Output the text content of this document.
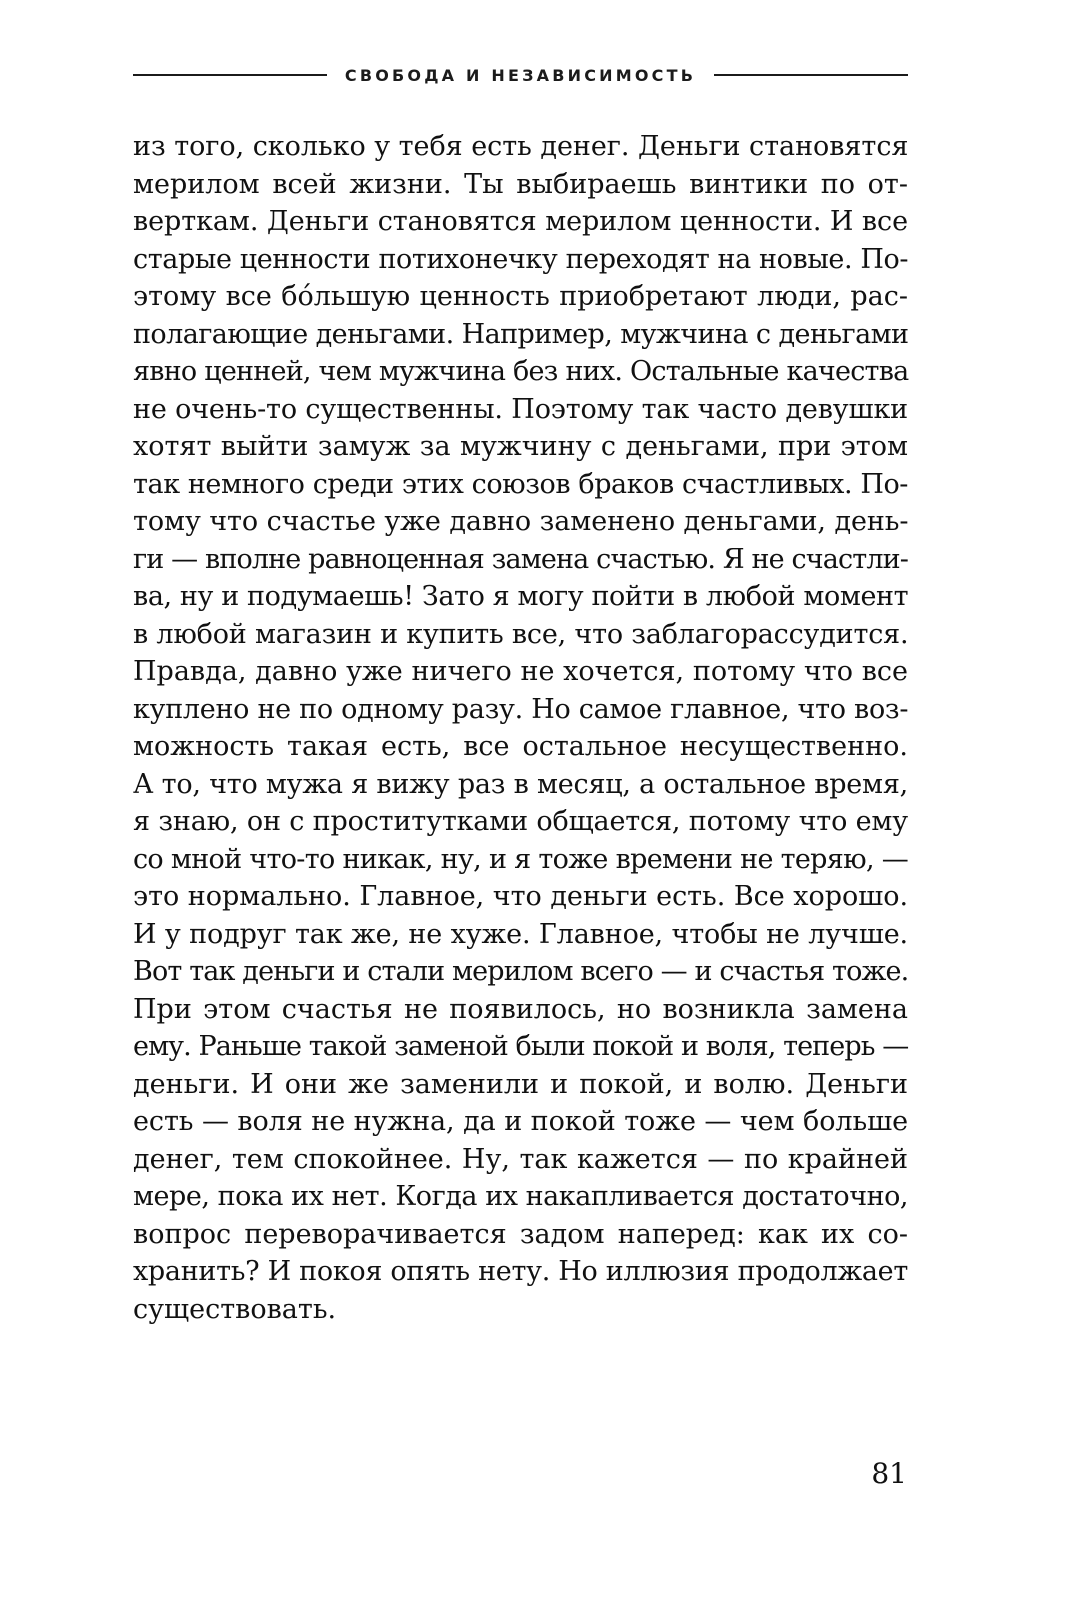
СВОБОДА И НЕЗАВИСИМОСТЬ
из того, сколько у тебя есть денег. Деньги становятся
мерилом всей жизни. Ты выбираешь винтики по от-
верткам. Деньги становятся мерилом ценности. И все
старые ценности потихонечку переходят на новые. По-
этому все бóльшую ценность приобретают люди, рас-
полагающие деньгами. Например, мужчина с деньгами
явно ценней, чем мужчина без них. Остальные качества
не очень-то существенны. Поэтому так часто девушки
хотят выйти замуж за мужчину с деньгами, при этом
так немного среди этих союзов браков счастливых. По-
тому что счастье уже давно заменено деньгами, день-
ги — вполне равноценная замена счастью. Я не счастли-
ва, ну и подумаешь! Зато я могу пойти в любой момент
в любой магазин и купить все, что заблагорассудится.
Правда, давно уже ничего не хочется, потому что все
куплено не по одному разу. Но самое главное, что воз-
можность такая есть, все остальное несущественно.
А то, что мужа я вижу раз в месяц, а остальное время,
я знаю, он с проститутками общается, потому что ему
со мной что-то никак, ну, и я тоже времени не теряю, —
это нормально. Главное, что деньги есть. Все хорошо.
И у подруг так же, не хуже. Главное, чтобы не лучше.
Вот так деньги и стали мерилом всего — и счастья тоже.
При этом счастья не появилось, но возникла замена
ему. Раньше такой заменой были покой и воля, теперь —
деньги. И они же заменили и покой, и волю. Деньги
есть — воля не нужна, да и покой тоже — чем больше
денег, тем спокойнее. Ну, так кажется — по крайней
мере, пока их нет. Когда их накапливается достаточно,
вопрос переворачивается задом наперед: как их со-
хранить? И покоя опять нету. Но иллюзия продолжает
существовать.
81
